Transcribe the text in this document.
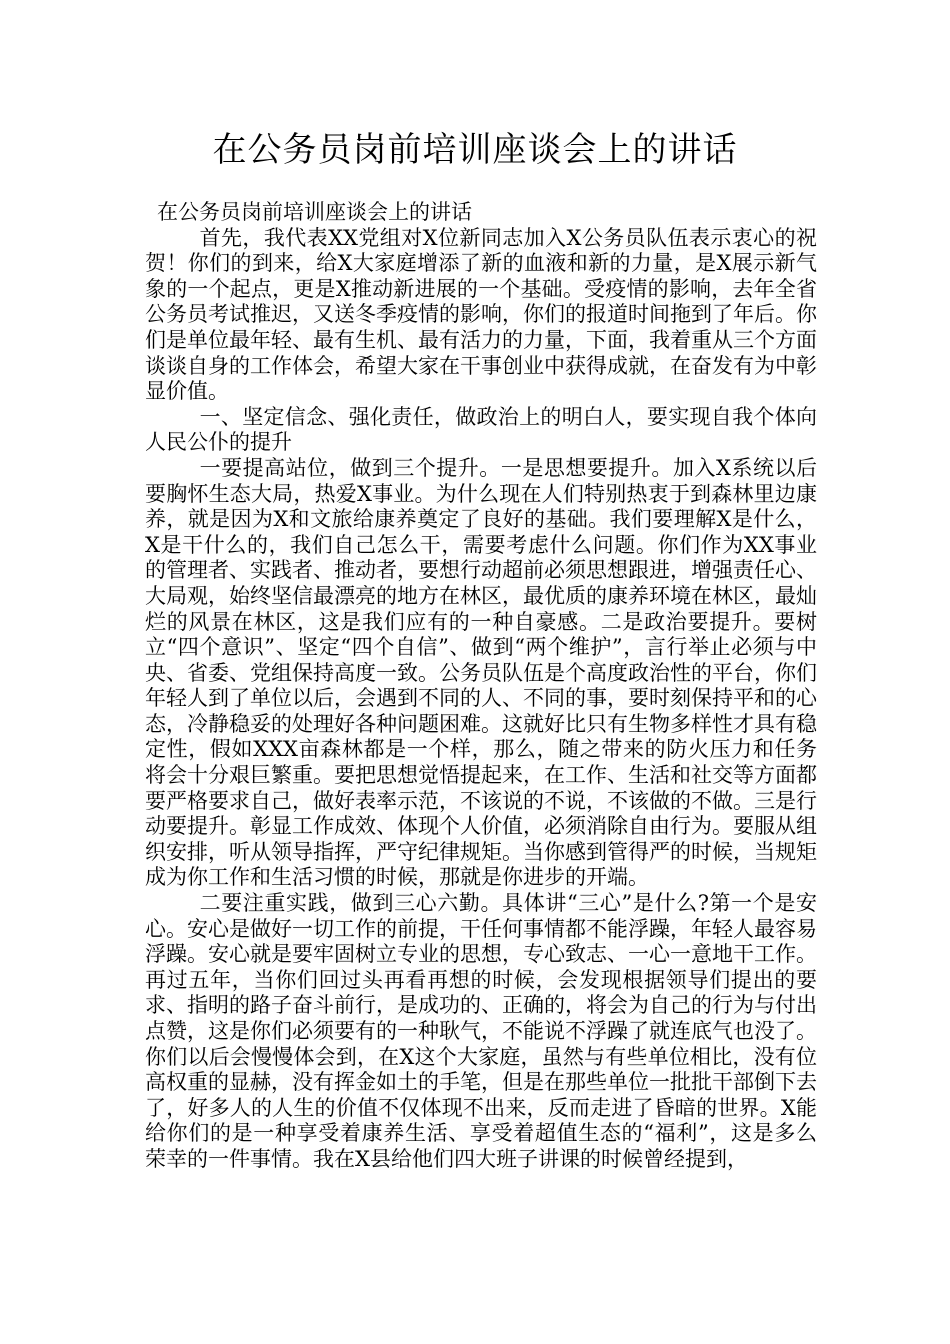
在公务员岗前培训座谈会上的讲话

在公务员岗前培训座谈会上的讲话

首先，我代表XX党组对X位新同志加入X公务员队伍表示衷心的祝贺！你们的到来，给X大家庭增添了新的血液和新的力量，是X展示新气象的一个起点，更是X推动新进展的一个基础。受疫情的影响，去年全省公务员考试推迟，又送冬季疫情的影响，你们的报道时间拖到了年后。你们是单位最年轻、最有生机、最有活力的力量，下面，我着重从三个方面谈谈自身的工作体会，希望大家在干事创业中获得成就，在奋发有为中彰显价值。

一、坚定信念、强化责任，做政治上的明白人，要实现自我个体向人民公仆的提升

一要提高站位，做到三个提升。一是思想要提升。加入X系统以后要胸怀生态大局，热爱X事业。为什么现在人们特别热衷于到森林里边康养，就是因为X和文旅给康养奠定了良好的基础。我们要理解X是什么，X是干什么的，我们自己怎么干，需要考虑什么问题。你们作为XX事业的管理者、实践者、推动者，要想行动超前必须思想跟进，增强责任心、大局观，始终坚信最漂亮的地方在林区，最优质的康养环境在林区，最灿烂的风景在林区，这是我们应有的一种自豪感。二是政治要提升。要树立“四个意识”、坚定“四个自信”、做到“两个维护”，言行举止必须与中央、省委、党组保持高度一致。公务员队伍是个高度政治性的平台，你们年轻人到了单位以后，会遇到不同的人、不同的事，要时刻保持平和的心态，冷静稳妥的处理好各种问题困难。这就好比只有生物多样性才具有稳定性，假如XXX亩森林都是一个样，那么，随之带来的防火压力和任务将会十分艰巨繁重。要把思想觉悟提起来，在工作、生活和社交等方面都要严格要求自己，做好表率示范，不该说的不说，不该做的不做。三是行动要提升。彰显工作成效、体现个人价值，必须消除自由行为。要服从组织安排，听从领导指挥，严守纪律规矩。当你感到管得严的时候，当规矩成为你工作和生活习惯的时候，那就是你进步的开端。

二要注重实践，做到三心六勤。具体讲“三心”是什么?第一个是安心。安心是做好一切工作的前提，干任何事情都不能浮躁，年轻人最容易浮躁。安心就是要牢固树立专业的思想，专心致志、一心一意地干工作。再过五年，当你们回过头再看再想的时候，会发现根据领导们提出的要求、指明的路子奋斗前行，是成功的、正确的，将会为自己的行为与付出点赞，这是你们必须要有的一种耿气，不能说不浮躁了就连底气也没了。你们以后会慢慢体会到，在X这个大家庭，虽然与有些单位相比，没有位高权重的显赫，没有挥金如土的手笔，但是在那些单位一批批干部倒下去了，好多人的人生的价值不仅体现不出来，反而走进了昏暗的世界。X能给你们的是一种享受着康养生活、享受着超值生态的“福利”，这是多么荣幸的一件事情。我在X县给他们四大班子讲课的时候曾经提到，
